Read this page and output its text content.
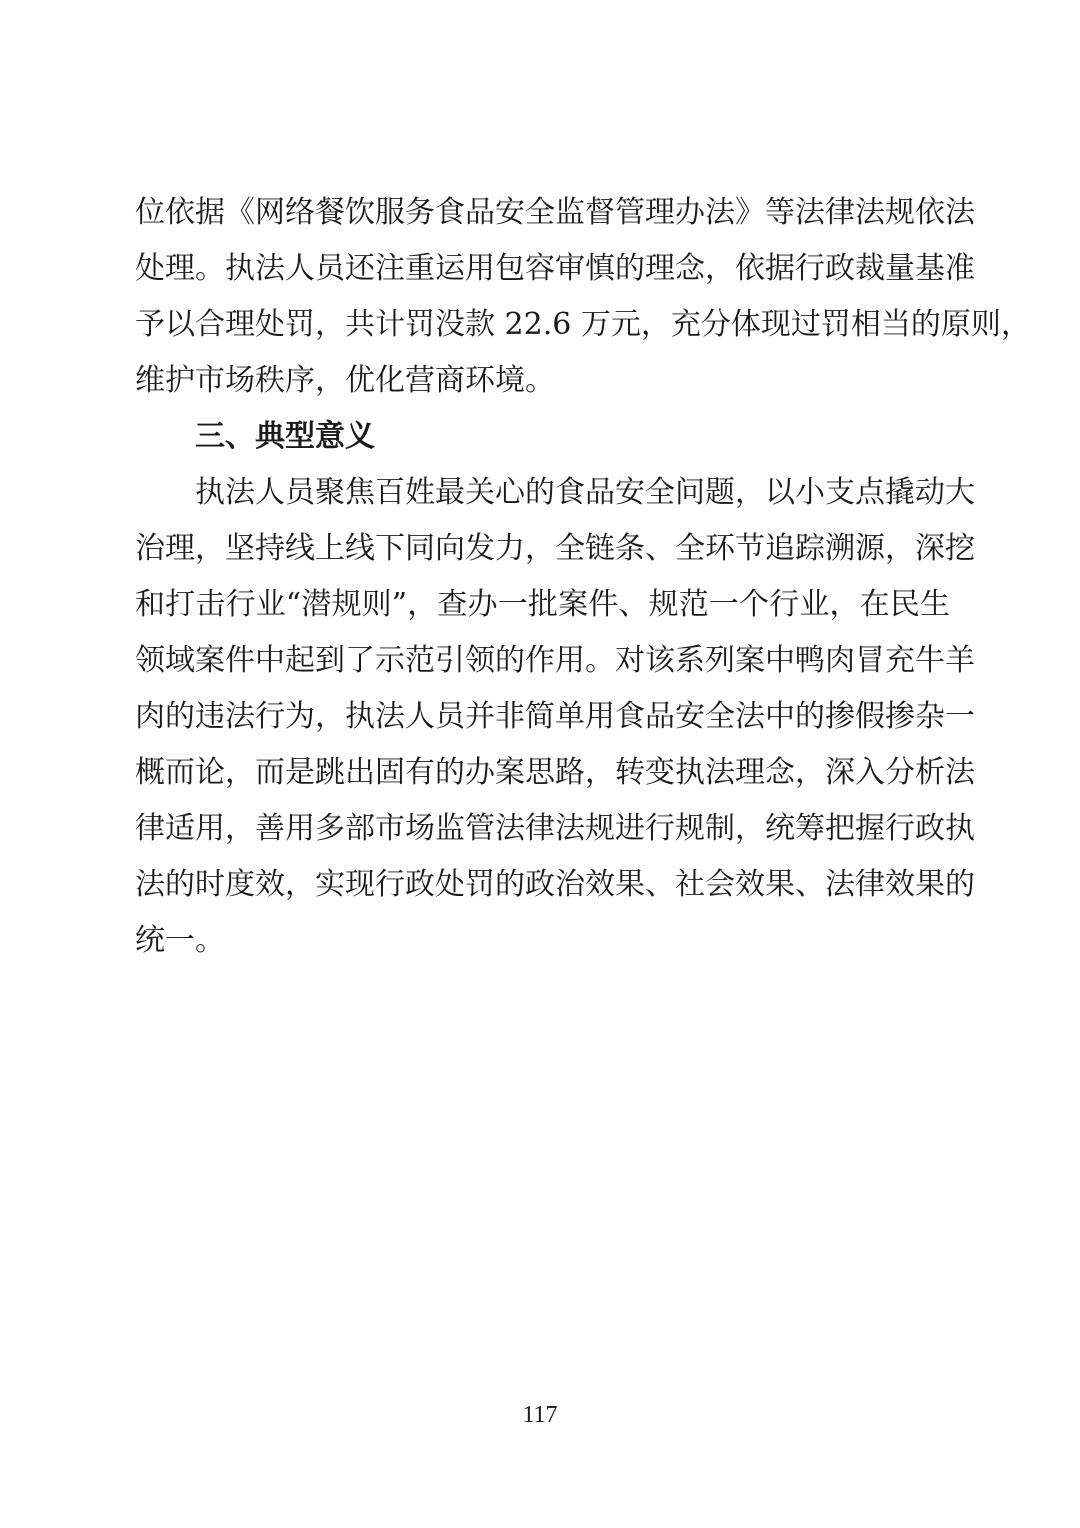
位依据《网络餐饮服务食品安全监督管理办法》等法律法规依法
处理。执法人员还注重运用包容审慎的理念，依据行政裁量基准
予以合理处罚，共计罚没款 22.6 万元，充分体现过罚相当的原则，
维护市场秩序，优化营商环境。
三、典型意义
执法人员聚焦百姓最关心的食品安全问题，以小支点撬动大
治理，坚持线上线下同向发力，全链条、全环节追踪溯源，深挖
和打击行业“潜规则”，查办一批案件、规范一个行业，在民生
领域案件中起到了示范引领的作用。对该系列案中鸭肉冒充牛羊
肉的违法行为，执法人员并非简单用食品安全法中的掺假掺杂一
概而论，而是跳出固有的办案思路，转变执法理念，深入分析法
律适用，善用多部市场监管法律法规进行规制，统筹把握行政执
法的时度效，实现行政处罚的政治效果、社会效果、法律效果的
统一。
117
